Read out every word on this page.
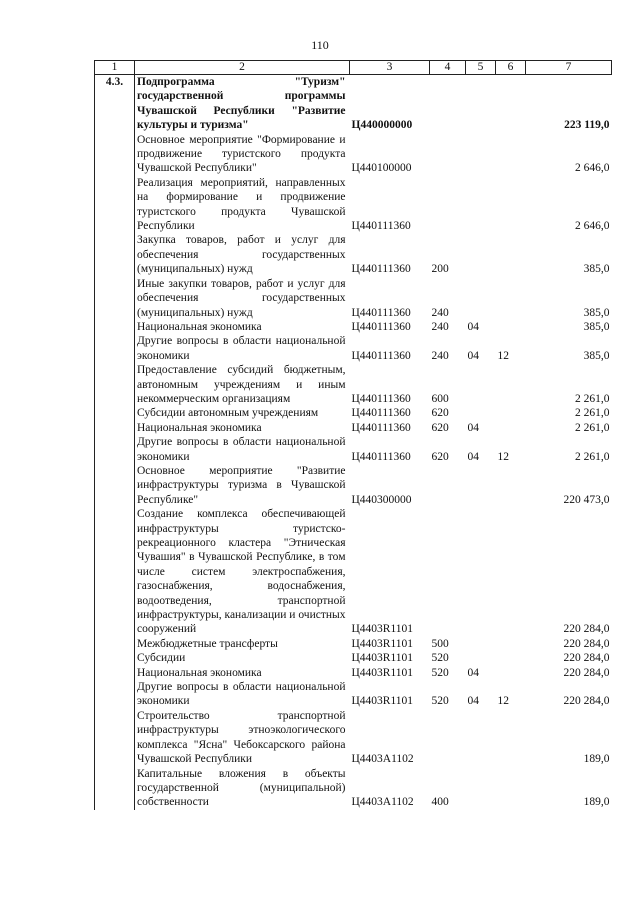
110
1	2	3	4	5	6	7
4.3.	Подпрограмма "Туризм" государственной программы Чувашской Республики "Развитие культуры и туризма"	Ц440000000				223 119,0
	Основное мероприятие "Формирование и продвижение туристского продукта Чувашской Республики"	Ц440100000				2 646,0
	Реализация мероприятий, направленных на формирование и продвижение туристского продукта Чувашской Республики	Ц440111360				2 646,0
	Закупка товаров, работ и услуг для обеспечения государственных (муниципальных) нужд	Ц440111360	200			385,0
	Иные закупки товаров, работ и услуг для обеспечения государственных (муниципальных) нужд	Ц440111360	240			385,0
	Национальная экономика	Ц440111360	240	04		385,0
	Другие вопросы в области национальной экономики	Ц440111360	240	04	12	385,0
	Предоставление субсидий бюджетным, автономным учреждениям и иным некоммерческим организациям	Ц440111360	600			2 261,0
	Субсидии автономным учреждениям	Ц440111360	620			2 261,0
	Национальная экономика	Ц440111360	620	04		2 261,0
	Другие вопросы в области национальной экономики	Ц440111360	620	04	12	2 261,0
	Основное мероприятие "Развитие инфраструктуры туризма в Чувашской Республике"	Ц440300000				220 473,0
	Создание комплекса обеспечивающей инфраструктуры туристско-рекреационного кластера "Этническая Чувашия" в Чувашской Республике, в том числе систем электроспабжения, газоснабжения, водоснабжения, водоотведения, транспортной инфраструктуры, канализации и очистных сооружений	Ц4403R1101				220 284,0
	Межбюджетные трансферты	Ц4403R1101	500			220 284,0
	Субсидии	Ц4403R1101	520			220 284,0
	Национальная экономика	Ц4403R1101	520	04		220 284,0
	Другие вопросы в области национальной экономики	Ц4403R1101	520	04	12	220 284,0
	Строительство транспортной инфраструктуры этноэкологического комплекса "Ясна" Чебоксарского района Чувашской Республики	Ц4403А1102				189,0
	Капитальные вложения в объекты государственной (муниципальной) собственности	Ц4403А1102	400			189,0
